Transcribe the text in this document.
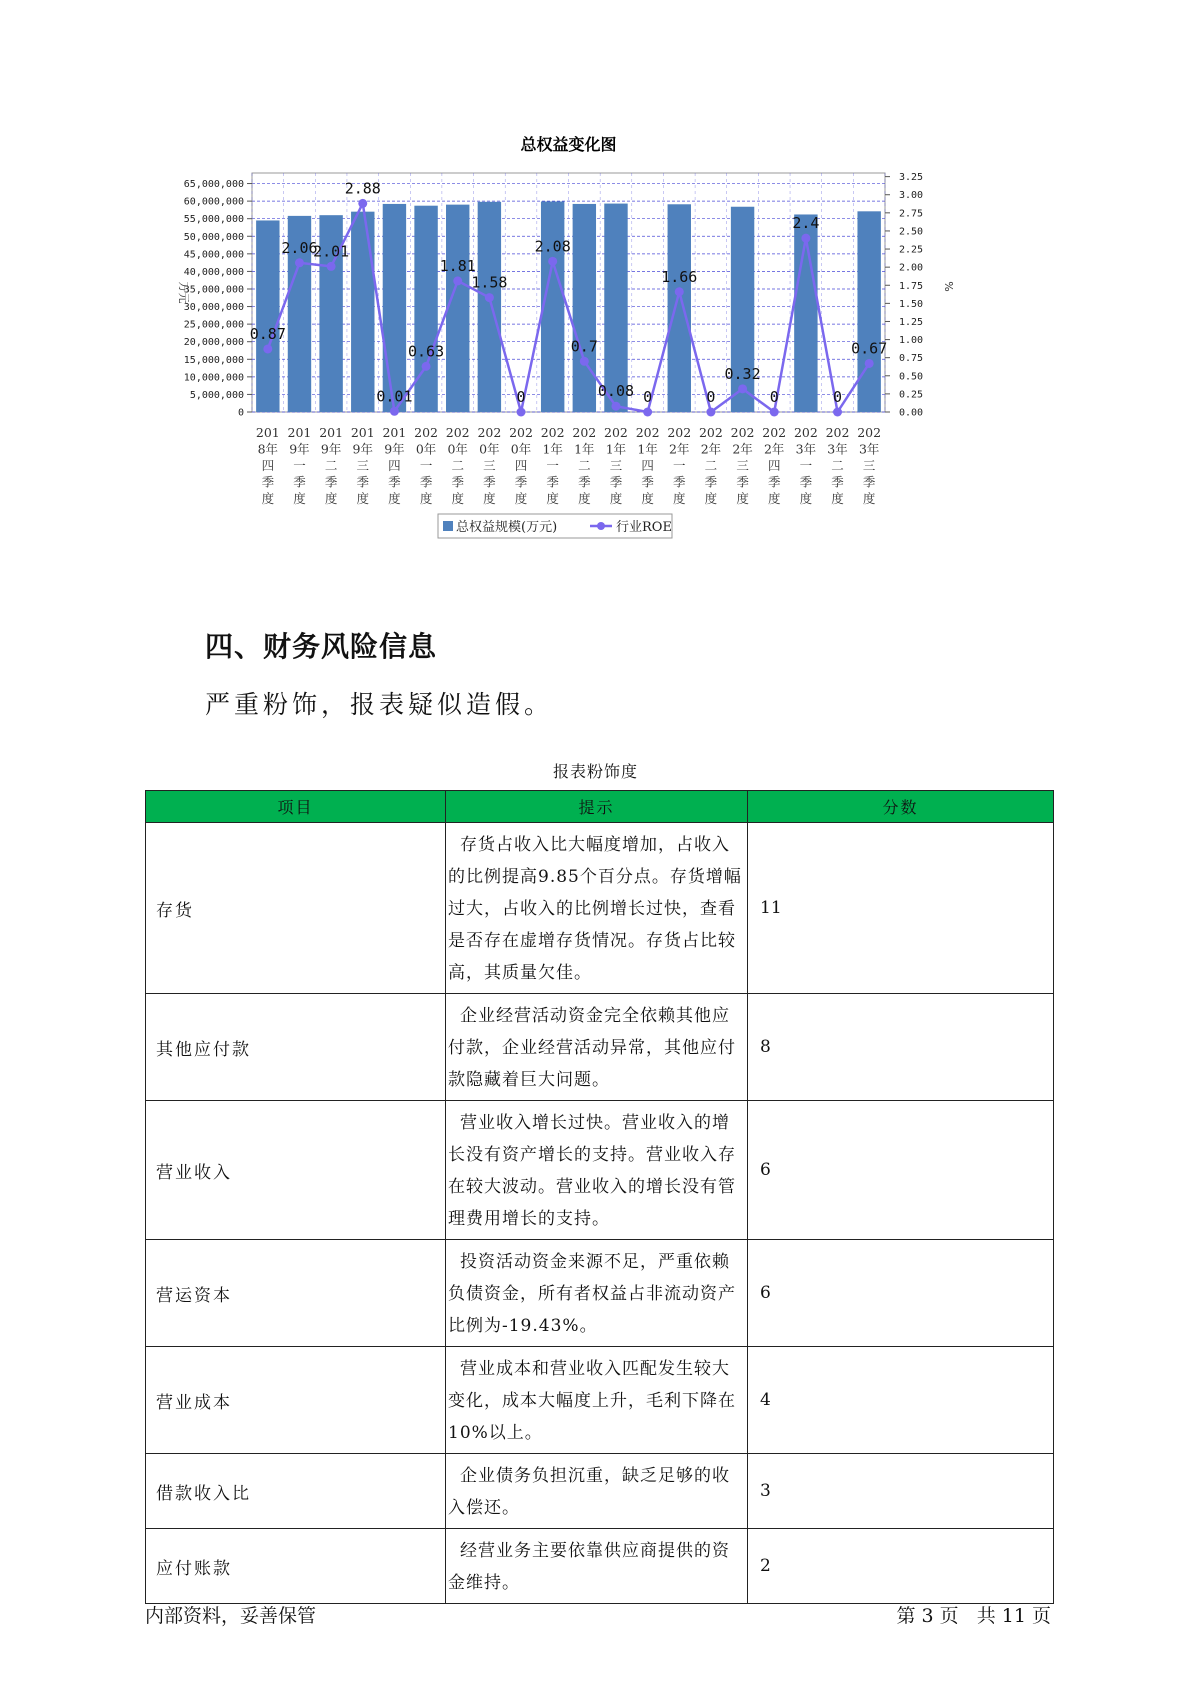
总权益变化图
0
5,000,000
10,000,000
15,000,000
20,000,000
25,000,000
30,000,000
35,000,000
40,000,000
45,000,000
50,000,000
55,000,000
60,000,000
65,000,000
0.00
0.25
0.50
0.75
1.00
1.25
1.50
1.75
2.00
2.25
2.50
2.75
3.00
3.25
万元	%
0.87
2.06
2.01
2.88
0.01
0.63
1.81
1.58
0
2.08
0.7
0.08 0
1.66
0
0.32
0
2.4
0
0.67
201
8年
四
季
度
201
9年
一
季
度
201
9年
二
季
度
201
9年
三
季
度
201
9年
四
季
度
202
0年
一
季
度
202
0年
二
季
度
202
0年
三
季
度
202
0年
四
季
度
202
1年
一
季
度
202
1年
二
季
度
202
1年
三
季
度
202
1年
四
季
度
202
2年
一
季
度
202
2年
二
季
度
202
2年
三
季
度
202
2年
四
季
度
202
3年
一
季
度
202
3年
二
季
度
202
3年
三
季
度
总权益规模(万元)	行业ROE
四、财务风险信息
严重粉饰，报表疑似造假。
报表粉饰度
项目	提示	分数
存货	存货占收入比大幅度增加，占收入的比例提高9.85个百分点。存货增幅过大，占收入的比例增长过快，查看是否存在虚增存货情况。存货占比较高，其质量欠佳。	11
其他应付款	企业经营活动资金完全依赖其他应付款，企业经营活动异常，其他应付款隐藏着巨大问题。	8
营业收入	营业收入增长过快。营业收入的增长没有资产增长的支持。营业收入存在较大波动。营业收入的增长没有管理费用增长的支持。	6
营运资本	投资活动资金来源不足，严重依赖负债资金，所有者权益占非流动资产比例为-19.43%。	6
营业成本	营业成本和营业收入匹配发生较大变化，成本大幅度上升，毛利下降在10%以上。	4
借款收入比	企业债务负担沉重，缺乏足够的收入偿还。	3
应付账款	经营业务主要依靠供应商提供的资金维持。	2
内部资料，妥善保管	第 3 页   共 11 页
